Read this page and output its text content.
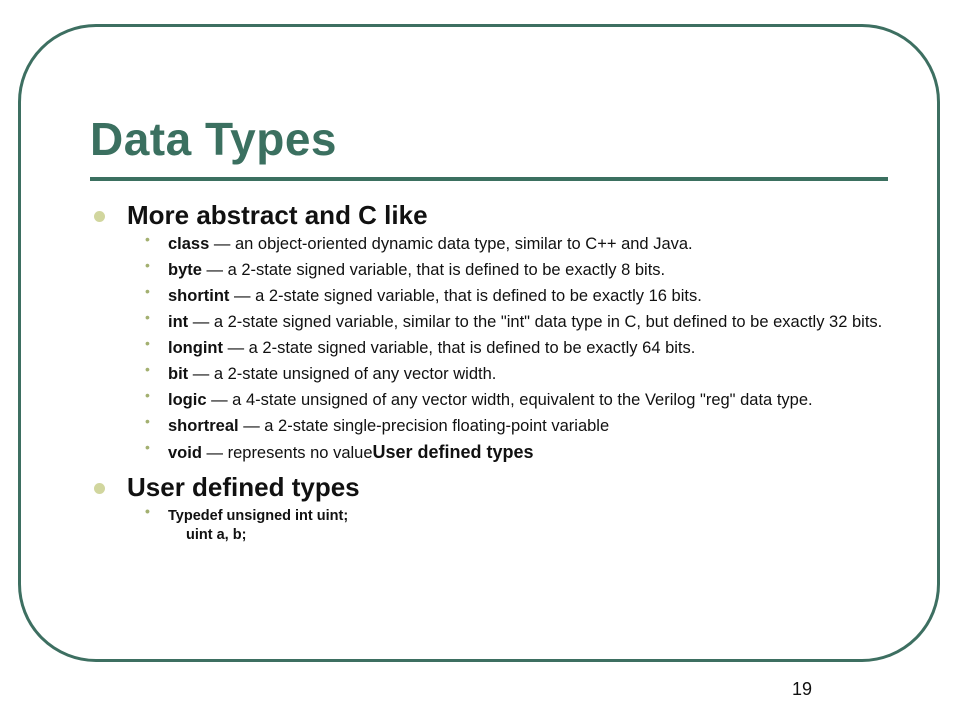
Data Types
More abstract and C like
• class — an object-oriented dynamic data type, similar to C++ and Java.
• byte — a 2-state signed variable, that is defined to be exactly 8 bits.
• shortint — a 2-state signed variable, that is defined to be exactly 16 bits.
• int — a 2-state signed variable, similar to the "int" data type in C, but defined to be exactly 32 bits.
• longint — a 2-state signed variable, that is defined to be exactly 64 bits.
• bit — a 2-state unsigned of any vector width.
• logic — a 4-state unsigned of any vector width, equivalent to the Verilog "reg" data type.
• shortreal — a 2-state single-precision floating-point variable
• void — represents no valueUser defined types
User defined types
• Typedef unsigned int uint;
uint a, b;
19
